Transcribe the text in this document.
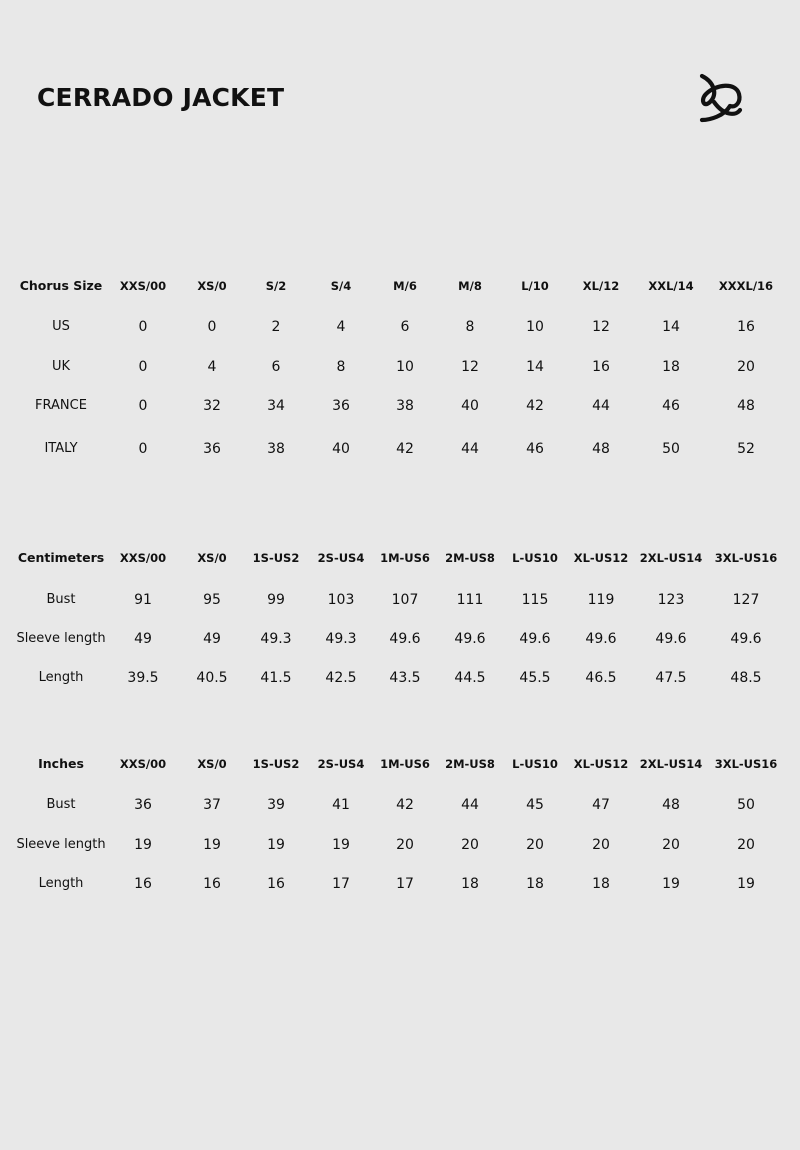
CERRADO JACKET
Chorus Size XXS/00	XS/0	S/2	S/4	M/6	M/8	L/10	XL/12	XXL/14 XXXL/16
US	0	0	2	4	6	8	10	12	14	16
UK	0	4	6	8	10	12	14	16	18	20
FRANCE	0	32	34	36	38	40	42	44	46	48
ITALY	0	36	38	40	42	44	46	48	50	52
Centimeters XXS/00	XS/0 1S-US2 2S-US4 1M-US6 2M-US8 L-US10 XL-US12 2XL-US14 3XL-US16
Bust	91	95	99	103	107	111	115	119	123	127
Sleeve length 49	49	49.3 49.3 49.6 49.6 49.6 49.6	49.6	49.6
Length	39.5	40.5 41.5 42.5 43.5 44.5 45.5 46.5	47.5	48.5
Inches	XXS/00	XS/0 1S-US2 2S-US4 1M-US6 2M-US8 L-US10 XL-US12 2XL-US14 3XL-US16
Bust	36	37	39	41	42	44	45	47	48	50
Sleeve length 19	19	19	19	20	20	20	20	20	20
Length	16	16	16	17	17	18	18	18	19	19
